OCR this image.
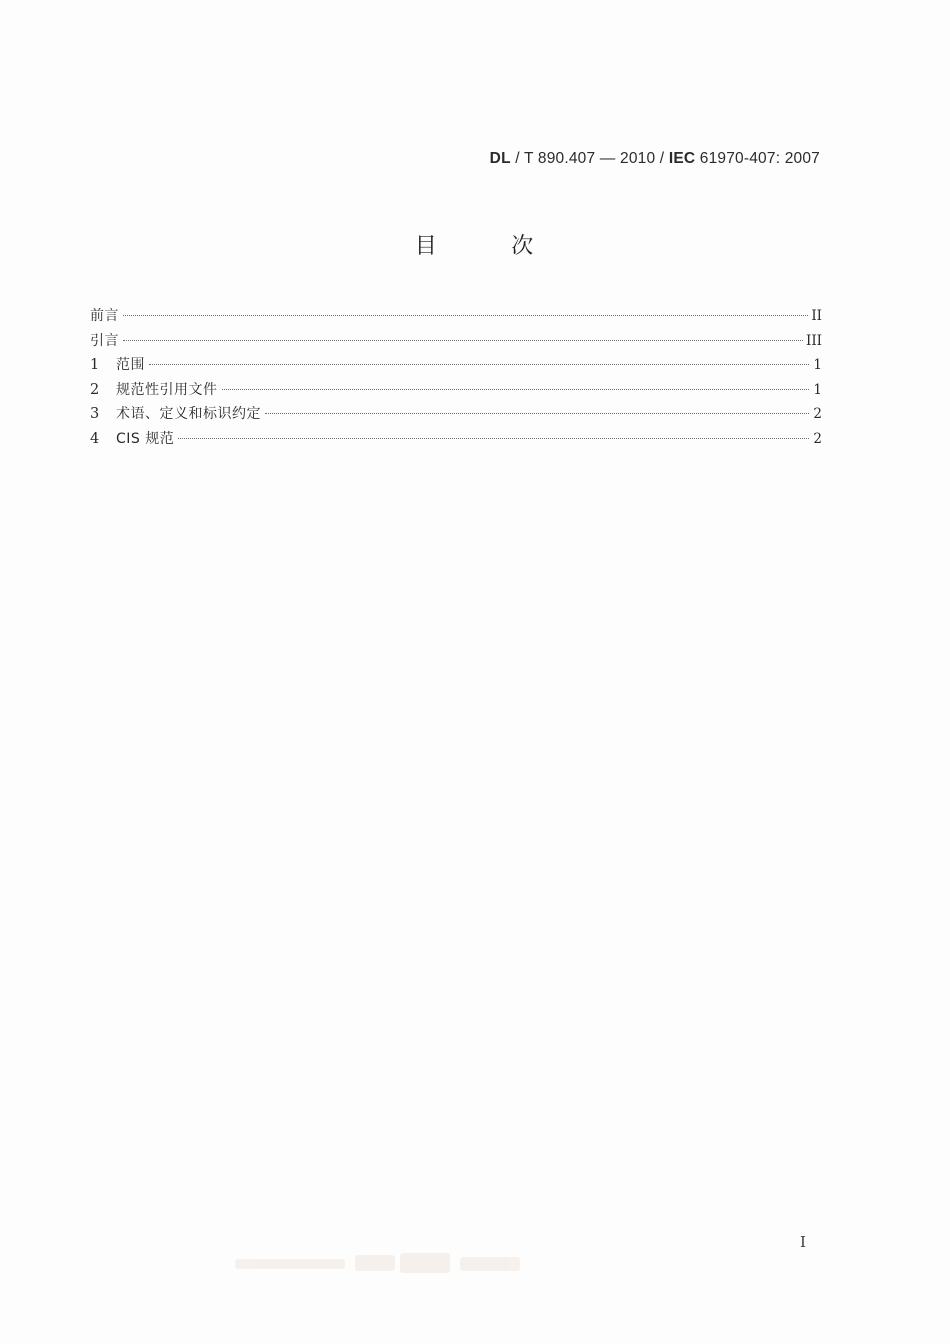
DL / T 890.407 — 2010 / IEC 61970-407: 2007
目	次
前言	II
引言	III
1	范围	1
2	规范性引用文件	1
3	术语、定义和标识约定	2
4	CIS 规范	2
I
